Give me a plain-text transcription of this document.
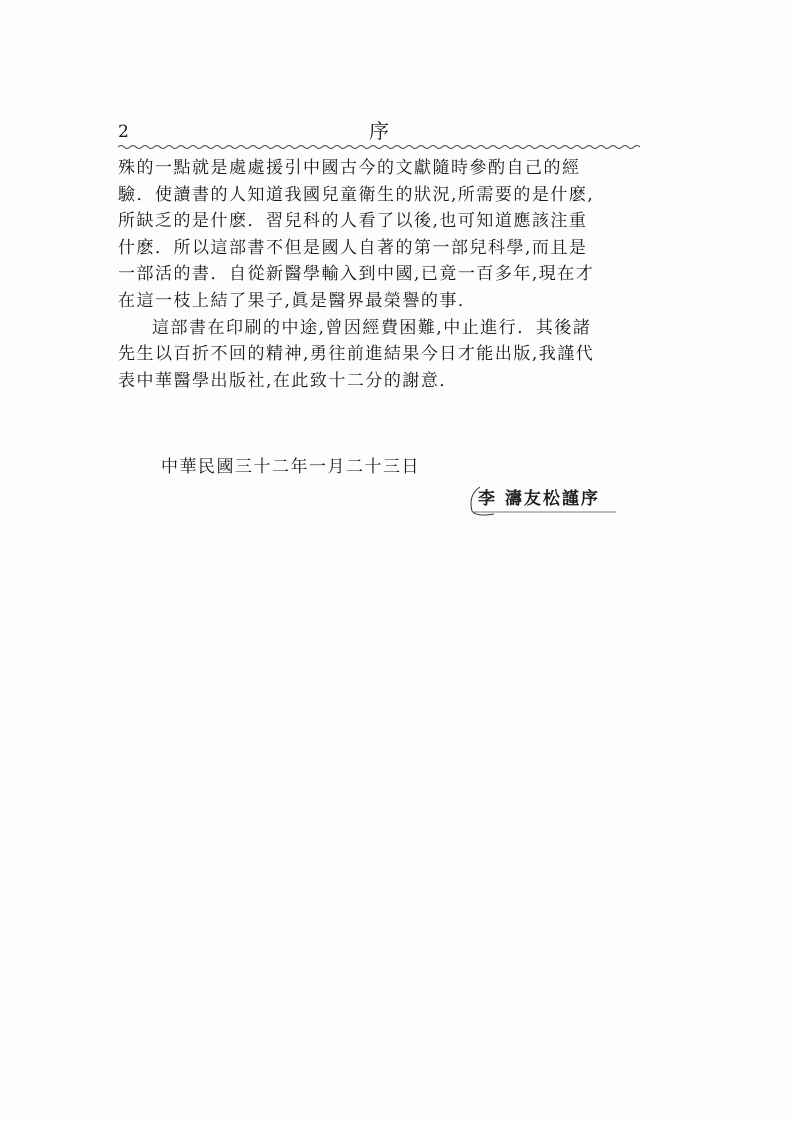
2	序
殊的一點就是處處援引中國古今的文獻隨時參酌自己的經
驗．使讀書的人知道我國兒童衛生的狀況,所需要的是什麽,
所缺乏的是什麽．習兒科的人看了以後,也可知道應該注重
什麽．所以這部書不但是國人自著的第一部兒科學,而且是
一部活的書．自從新醫學輸入到中國,已竟一百多年,現在才
在這一枝上結了果子,眞是醫界最榮譽的事．
這部書在印刷的中途,曾因經費困難,中止進行．其後諸
先生以百折不回的精神,勇往前進結果今日才能出版,我謹代
表中華醫學出版社,在此致十二分的謝意．
中華民國三十二年一月二十三日
李 濤友松謹序
